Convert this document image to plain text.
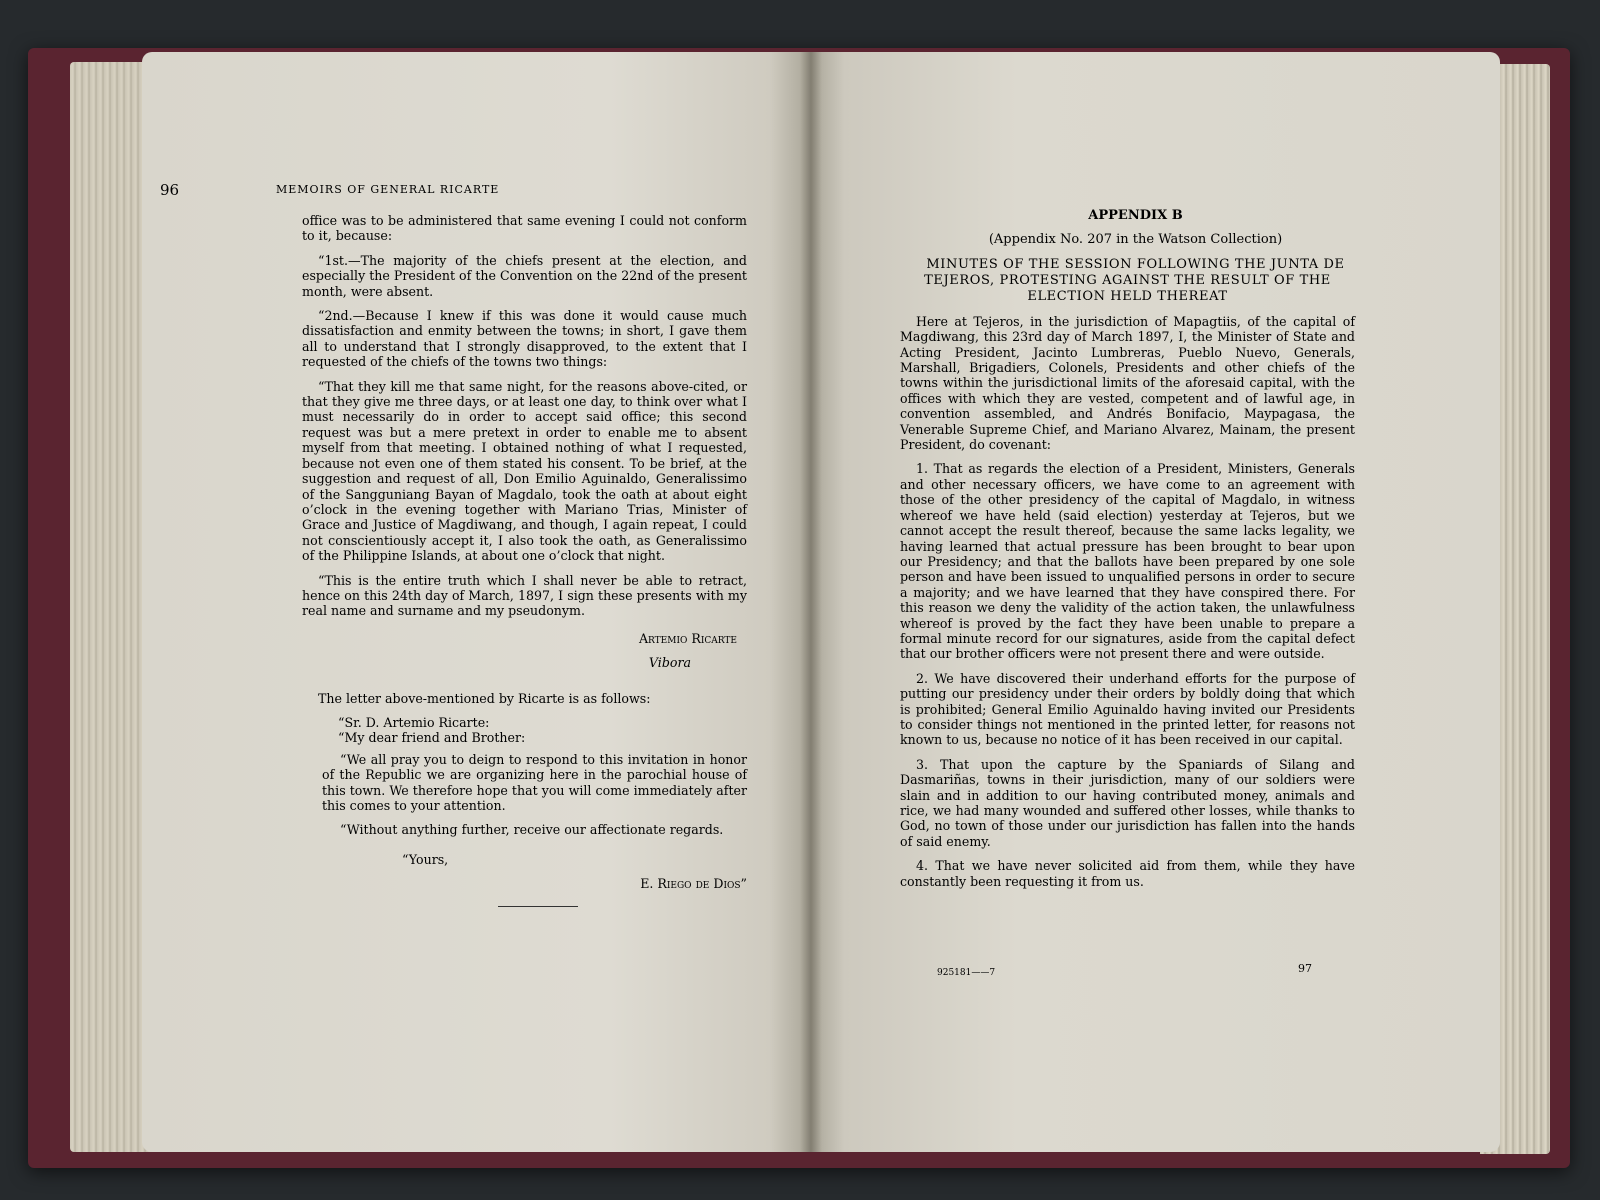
96	MEMOIRS OF GENERAL RICARTE

office was to be administered that same evening I could not conform to it, because:

“1st.—The majority of the chiefs present at the election, and especially the President of the Convention on the 22nd of the present month, were absent.

“2nd.—Because I knew if this was done it would cause much dissatisfaction and enmity between the towns; in short, I gave them all to understand that I strongly disapproved, to the extent that I requested of the chiefs of the towns two things:

“That they kill me that same night, for the reasons above-cited, or that they give me three days, or at least one day, to think over what I must necessarily do in order to accept said office; this second request was but a mere pretext in order to enable me to absent myself from that meeting. I obtained nothing of what I requested, because not even one of them stated his consent. To be brief, at the suggestion and request of all, Don Emilio Aguinaldo, Generalissimo of the Sangguniang Bayan of Magdalo, took the oath at about eight o’clock in the evening together with Mariano Trias, Minister of Grace and Justice of Magdiwang, and though, I again repeat, I could not conscientiously accept it, I also took the oath, as Generalissimo of the Philippine Islands, at about one o’clock that night.

“This is the entire truth which I shall never be able to retract, hence on this 24th day of March, 1897, I sign these presents with my real name and surname and my pseudonym.

Artemio Ricarte

Vibora

The letter above-mentioned by Ricarte is as follows:

“Sr. D. Artemio Ricarte:

“My dear friend and Brother:

“We all pray you to deign to respond to this invitation in honor of the Republic we are organizing here in the parochial house of this town. We therefore hope that you will come immediately after this comes to your attention.

“Without anything further, receive our affectionate regards.

“Yours,

E. Riego de Dios”

APPENDIX B

(Appendix No. 207 in the Watson Collection)

MINUTES OF THE SESSION FOLLOWING THE JUNTA DE TEJEROS, PROTESTING AGAINST THE RESULT OF THE ELECTION HELD THEREAT

Here at Tejeros, in the jurisdiction of Mapagtiis, of the capital of Magdiwang, this 23rd day of March 1897, I, the Minister of State and Acting President, Jacinto Lumbreras, Pueblo Nuevo, Generals, Marshall, Brigadiers, Colonels, Presidents and other chiefs of the towns within the jurisdictional limits of the aforesaid capital, with the offices with which they are vested, competent and of lawful age, in convention assembled, and Andrés Bonifacio, Maypagasa, the Venerable Supreme Chief, and Mariano Alvarez, Mainam, the present President, do covenant:

1. That as regards the election of a President, Ministers, Generals and other necessary officers, we have come to an agreement with those of the other presidency of the capital of Magdalo, in witness whereof we have held (said election) yesterday at Tejeros, but we cannot accept the result thereof, because the same lacks legality, we having learned that actual pressure has been brought to bear upon our Presidency; and that the ballots have been prepared by one sole person and have been issued to unqualified persons in order to secure a majority; and we have learned that they have conspired there. For this reason we deny the validity of the action taken, the unlawfulness whereof is proved by the fact they have been unable to prepare a formal minute record for our signatures, aside from the capital defect that our brother officers were not present there and were outside.

2. We have discovered their underhand efforts for the purpose of putting our presidency under their orders by boldly doing that which is prohibited; General Emilio Aguinaldo having invited our Presidents to consider things not mentioned in the printed letter, for reasons not known to us, because no notice of it has been received in our capital.

3. That upon the capture by the Spaniards of Silang and Dasmariñas, towns in their jurisdiction, many of our soldiers were slain and in addition to our having contributed money, animals and rice, we had many wounded and suffered other losses, while thanks to God, no town of those under our jurisdiction has fallen into the hands of said enemy.

4. That we have never solicited aid from them, while they have constantly been requesting it from us.

925181——7	97
